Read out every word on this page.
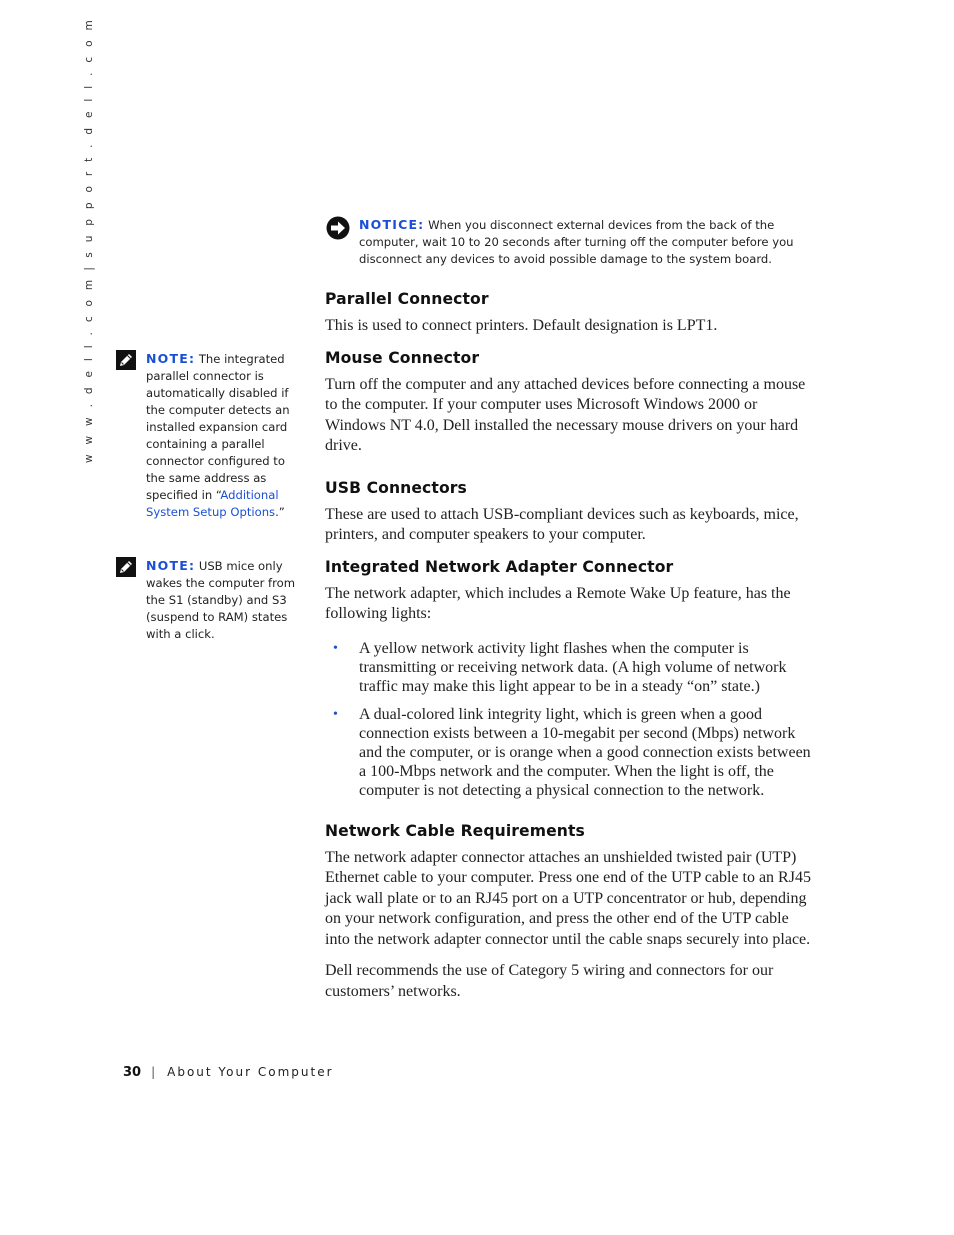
w w w . d e l l . c o m|s u p p o r t . d e l l . c o m	NOTICE: When you disconnect external devices from the back of the computer, wait 10 to 20 seconds after turning off the computer before you disconnect any devices to avoid possible damage to the system board.
Parallel Connector

This is used to connect printers. Default designation is LPT1.

Mouse Connector

Turn off the computer and any attached devices before connecting a mouse to the computer. If your computer uses Microsoft Windows 2000 or Windows NT 4.0, Dell installed the necessary mouse drivers on your hard drive.

USB Connectors

These are used to attach USB-compliant devices such as keyboards, mice, printers, and computer speakers to your computer.

Integrated Network Adapter Connector

The network adapter, which includes a Remote Wake Up feature, has the following lights:

• A yellow network activity light flashes when the computer is transmitting or receiving network data. (A high volume of network traffic may make this light appear to be in a steady “on” state.)
• A dual-colored link integrity light, which is green when a good connection exists between a 10-megabit per second (Mbps) network and the computer, or is orange when a good connection exists between a 100-Mbps network and the computer. When the light is off, the computer is not detecting a physical connection to the network.
Network Cable Requirements

The network adapter connector attaches an unshielded twisted pair (UTP) Ethernet cable to your computer. Press one end of the UTP cable to an RJ45 jack wall plate or to an RJ45 port on a UTP concentrator or hub, depending on your network configuration, and press the other end of the UTP cable into the network adapter connector until the cable snaps securely into place.

Dell recommends the use of Category 5 wiring and connectors for our customers’ networks.

NOTE: The integrated parallel connector is automatically disabled if the computer detects an installed expansion card containing a parallel connector configured to the same address as specified in “Additional System Setup Options.”
NOTE: USB mice only wakes the computer from the S1 (standby) and S3 (suspend to RAM) states with a click.
30 | About Your Computer
